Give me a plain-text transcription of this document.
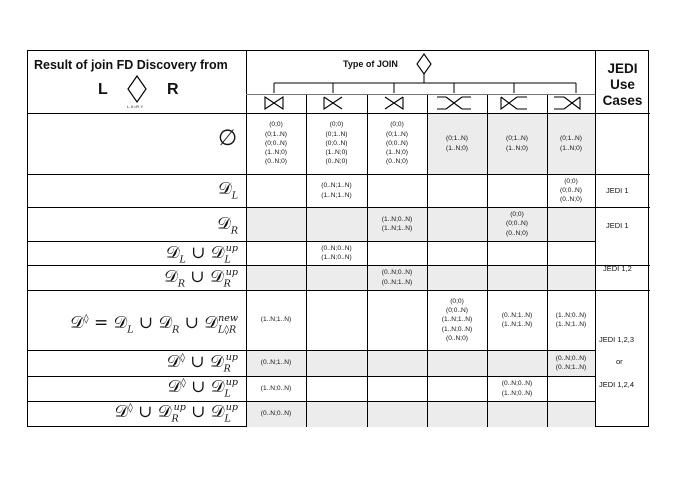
Result of join FD Discovery from
L	R
L.X=R.Y
Type of JOIN	JEDI
Use
Cases
(0;0)
(0;1..N)
(0;0..N)
(1..N;0)
(0..N;0)
(0;0)
(0;1..N)
(0;0..N)
(1..N;0)
(0..N;0)
(0;0)
(0;1..N)
(0;0..N)
(1..N;0)
(0..N;0)
(0;1..N)
(1..N;0)
(0;1..N)
(1..N;0)
(0;1..N)
(1..N;0)
(0..N;1..N)
(1..N;1..N)
(0;0)
(0;0..N)
(0..N;0)
(1..N;0..N)
(1..N;1..N)
(0;0)
(0;0..N)
(0..N;0)
(0..N;0..N)
(1..N;0..N)
(0..N;0..N)
(0..N;1..N)
(1..N;1..N)
(0;0)
(0;0..N)
(1..N;1..N)
(1..N;0..N)
(0..N;0)
(0..N;1..N)
(1..N;1..N)
(1..N;0..N)
(1..N;1..N)
(0..N;1..N)
(0..N;0..N)
(0..N;1..N)
(1..N;0..N)
(0..N;0..N)
(1..N;0..N)
(0..N;0..N)
∅
𝒟$_L$
𝒟$_R$
𝒟$_L$ ∪ 𝒟$_L^{up}$
𝒟$_R$ ∪ 𝒟$_R^{up}$
𝒟◊ = 𝒟$_L$ ∪ 𝒟$_R$ ∪ 𝒟$_{L◊R}^{new}$
𝒟◊ ∪ 𝒟$_R^{up}$
𝒟◊ ∪ 𝒟$_L^{up}$
𝒟◊ ∪ 𝒟$_R^{up}$ ∪ 𝒟$_L^{up}$
JEDI 1
JEDI 1
JEDI 1,2
JEDI 1,2,3
or
JEDI 1,2,4
